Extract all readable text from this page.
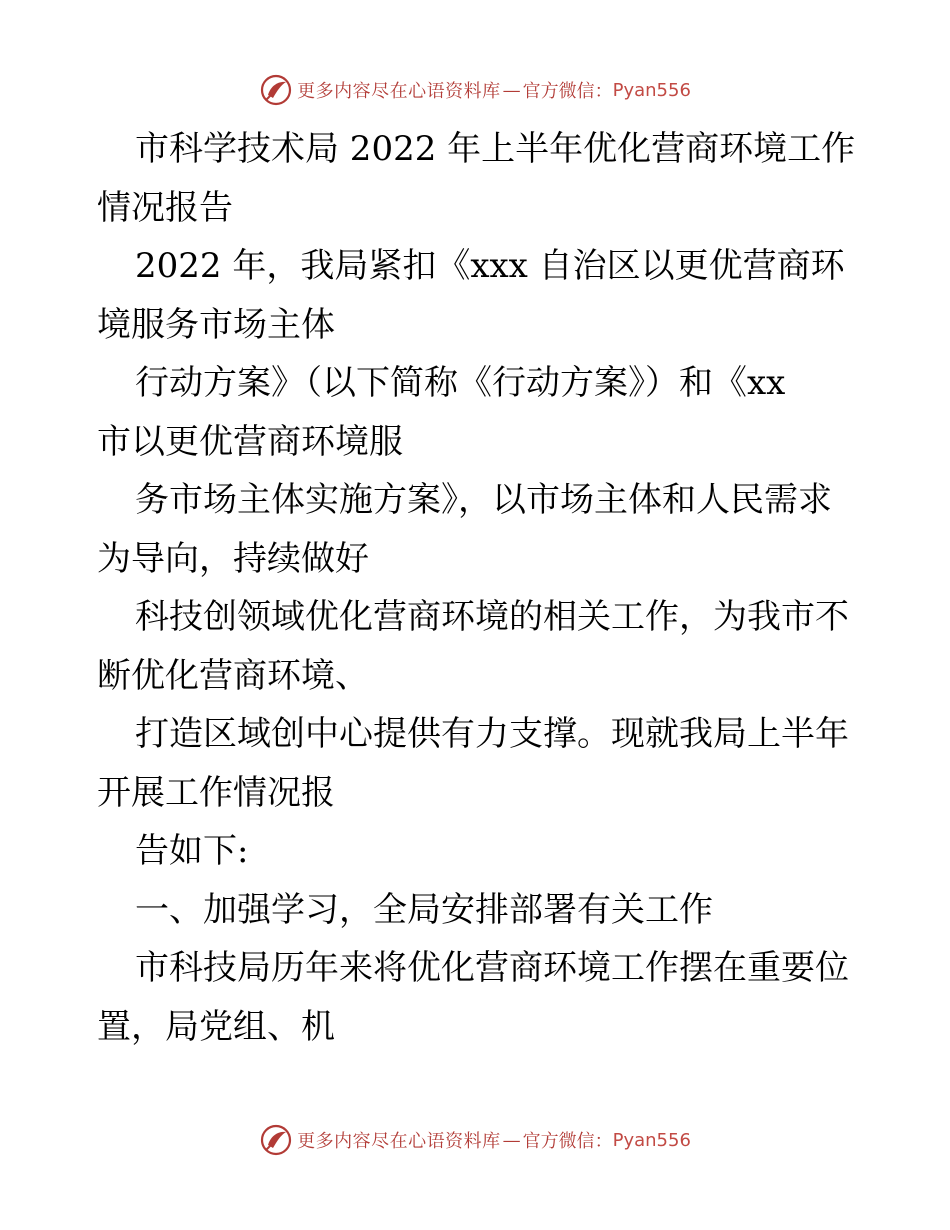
更多内容尽在心语资料库 — 官方微信： Pyan556
市科学技术局 2022 年上半年优化营商环境工作
情况报告
2022 年，我局紧扣《xxx 自治区以更优营商环
境服务市场主体
行动方案》（以下简称《行动方案》）和《xx
市以更优营商环境服
务市场主体实施方案》，以市场主体和人民需求
为导向，持续做好
科技创领域优化营商环境的相关工作，为我市不
断优化营商环境、
打造区域创中心提供有力支撑。现就我局上半年
开展工作情况报
告如下:
一、加强学习，全局安排部署有关工作
市科技局历年来将优化营商环境工作摆在重要位
置，局党组、机
更多内容尽在心语资料库 — 官方微信： Pyan556
